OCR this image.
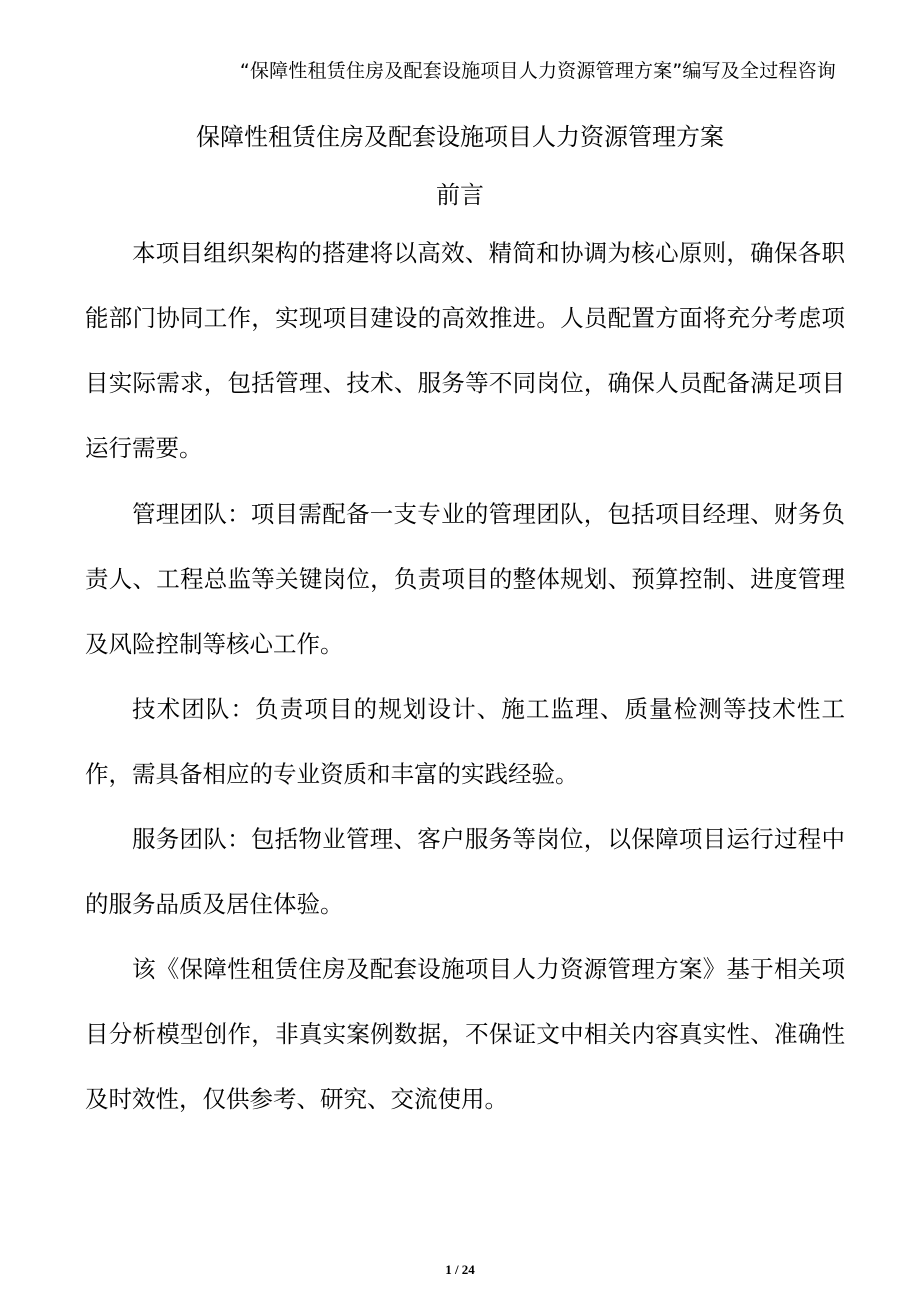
“保障性租赁住房及配套设施项目人力资源管理方案”编写及全过程咨询
保障性租赁住房及配套设施项目人力资源管理方案
前言

本项目组织架构的搭建将以高效、精简和协调为核心原则，确保各职能部门协同工作，实现项目建设的高效推进。人员配置方面将充分考虑项目实际需求，包括管理、技术、服务等不同岗位，确保人员配备满足项目运行需要。

管理团队：项目需配备一支专业的管理团队，包括项目经理、财务负责人、工程总监等关键岗位，负责项目的整体规划、预算控制、进度管理及风险控制等核心工作。

技术团队：负责项目的规划设计、施工监理、质量检测等技术性工作，需具备相应的专业资质和丰富的实践经验。

服务团队：包括物业管理、客户服务等岗位，以保障项目运行过程中的服务品质及居住体验。

该《保障性租赁住房及配套设施项目人力资源管理方案》基于相关项目分析模型创作，非真实案例数据，不保证文中相关内容真实性、准确性及时效性，仅供参考、研究、交流使用。

1 / 24
